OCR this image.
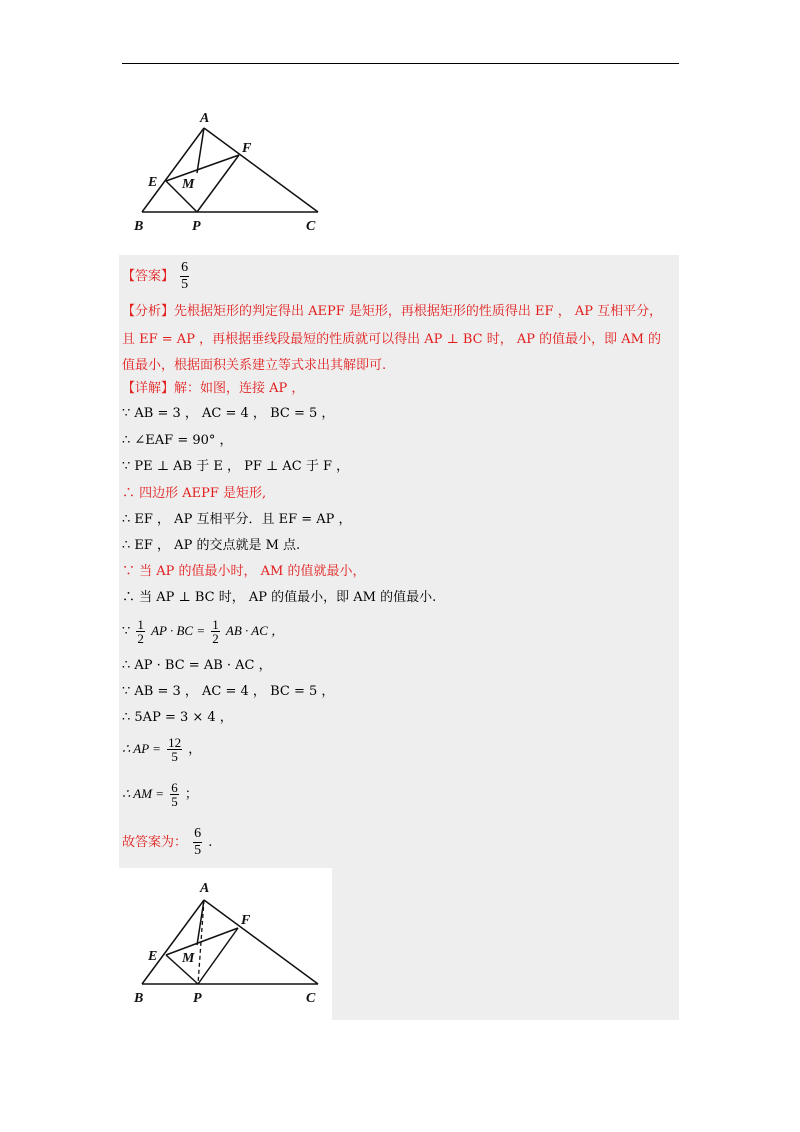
A
F
E M
B	P	C
【答案】 $\frac{6}{5}$
【分析】先根据矩形的判定得出 AEPF 是矩形，再根据矩形的性质得出 EF ， AP 互相平分，
且 EF = AP ，再根据垂线段最短的性质就可以得出 AP ⊥ BC 时， AP 的值最小，即 AM 的
值最小，根据面积关系建立等式求出其解即可.
【详解】解：如图，连接 AP ，
∵ AB = 3 ， AC = 4 ， BC = 5 ，
∴ ∠EAF = 90° ，
∵ PE ⊥ AB 于 E ， PF ⊥ AC 于 F ，
∴ 四边形 AEPF 是矩形,
∴ EF ， AP 互相平分．且 EF = AP ，
∴ EF ， AP 的交点就是 M 点.
∵ 当 AP 的值最小时， AM 的值就最小，
∴ 当 AP ⊥ BC 时， AP 的值最小，即 AM 的值最小.
∵ $\frac{1}{2}$ AP · BC = $\frac{1}{2}$ AB · AC ，
∴ AP · BC = AB · AC ，
∵ AB = 3 ， AC = 4 ， BC = 5 ，
∴ 5AP = 3 × 4 ，
∴ AP = $\frac{12}{5}$ ，
∴ AM = $\frac{6}{5}$ ；
故答案为： $\frac{6}{5}$ .
A
F
E M
B	P	C
